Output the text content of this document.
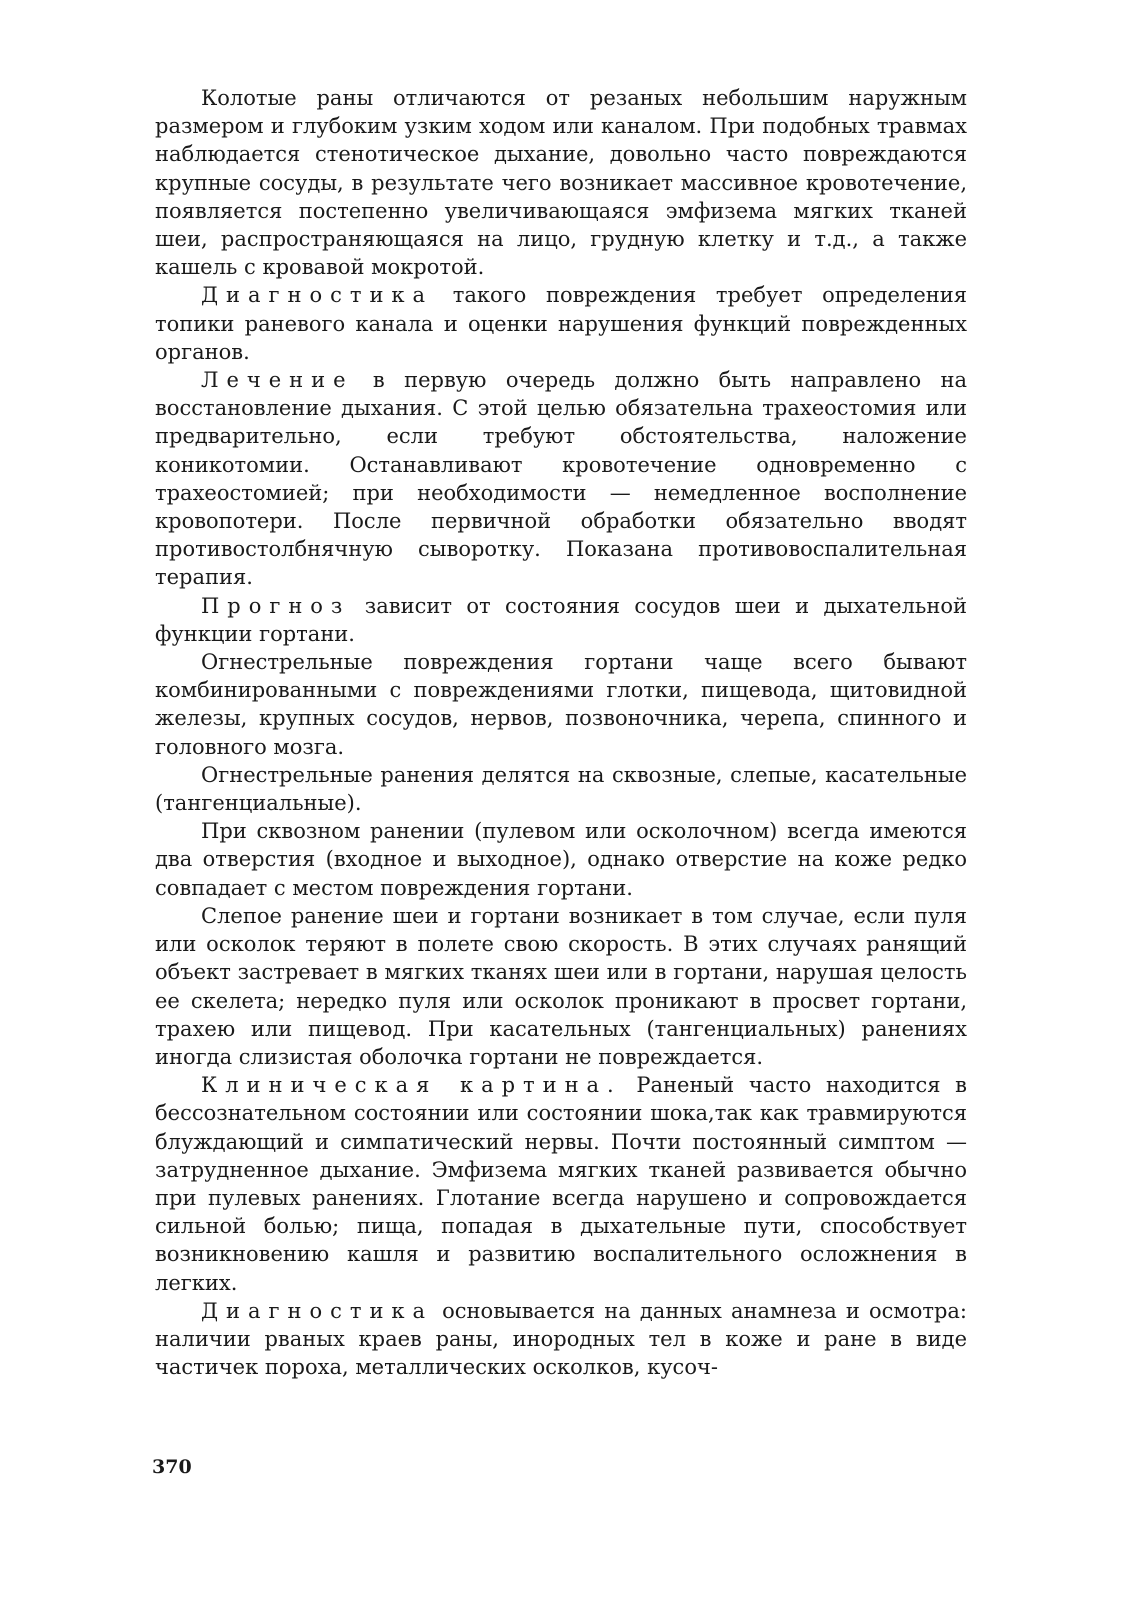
Колотые раны отличаются от резаных небольшим наружным размером и глубоким узким ходом или каналом. При подобных травмах наблюдается стенотическое дыхание, довольно часто повреждаются крупные сосуды, в результате чего возникает массивное кровотечение, появляется постепенно увеличивающаяся эмфизема мягких тканей шеи, распространяющаяся на лицо, грудную клетку и т.д., а также кашель с кровавой мокротой.

Диагностика такого повреждения требует определения топики раневого канала и оценки нарушения функций поврежденных органов.

Лечение в первую очередь должно быть направлено на восстановление дыхания. С этой целью обязательна трахеостомия или предварительно, если требуют обстоятельства, наложение коникотомии. Останавливают кровотечение одновременно с трахеостомией; при необходимости — немедленное восполнение кровопотери. После первичной обработки обязательно вводят противостолбнячную сыворотку. Показана противовоспалительная терапия.

Прогноз зависит от состояния сосудов шеи и дыхательной функции гортани.

Огнестрельные повреждения гортани чаще всего бывают комбинированными с повреждениями глотки, пищевода, щитовидной железы, крупных сосудов, нервов, позвоночника, черепа, спинного и головного мозга.

Огнестрельные ранения делятся на сквозные, слепые, касательные (тангенциальные).

При сквозном ранении (пулевом или осколочном) всегда имеются два отверстия (входное и выходное), однако отверстие на коже редко совпадает с местом повреждения гортани.

Слепое ранение шеи и гортани возникает в том случае, если пуля или осколок теряют в полете свою скорость. В этих случаях ранящий объект застревает в мягких тканях шеи или в гортани, нарушая целость ее скелета; нередко пуля или осколок проникают в просвет гортани, трахею или пищевод. При касательных (тангенциальных) ранениях иногда слизистая оболочка гортани не повреждается.

Клиническая картина. Раненый часто находится в бессознательном состоянии или состоянии шока,так как травмируются блуждающий и симпатический нервы. Почти постоянный симптом — затрудненное дыхание. Эмфизема мягких тканей развивается обычно при пулевых ранениях. Глотание всегда нарушено и сопровождается сильной болью; пища, попадая в дыхательные пути, способствует возникновению кашля и развитию воспалительного осложнения в легких.

Диагностика основывается на данных анамнеза и осмотра: наличии рваных краев раны, инородных тел в коже и ране в виде частичек пороха, металлических осколков, кусоч-

370
